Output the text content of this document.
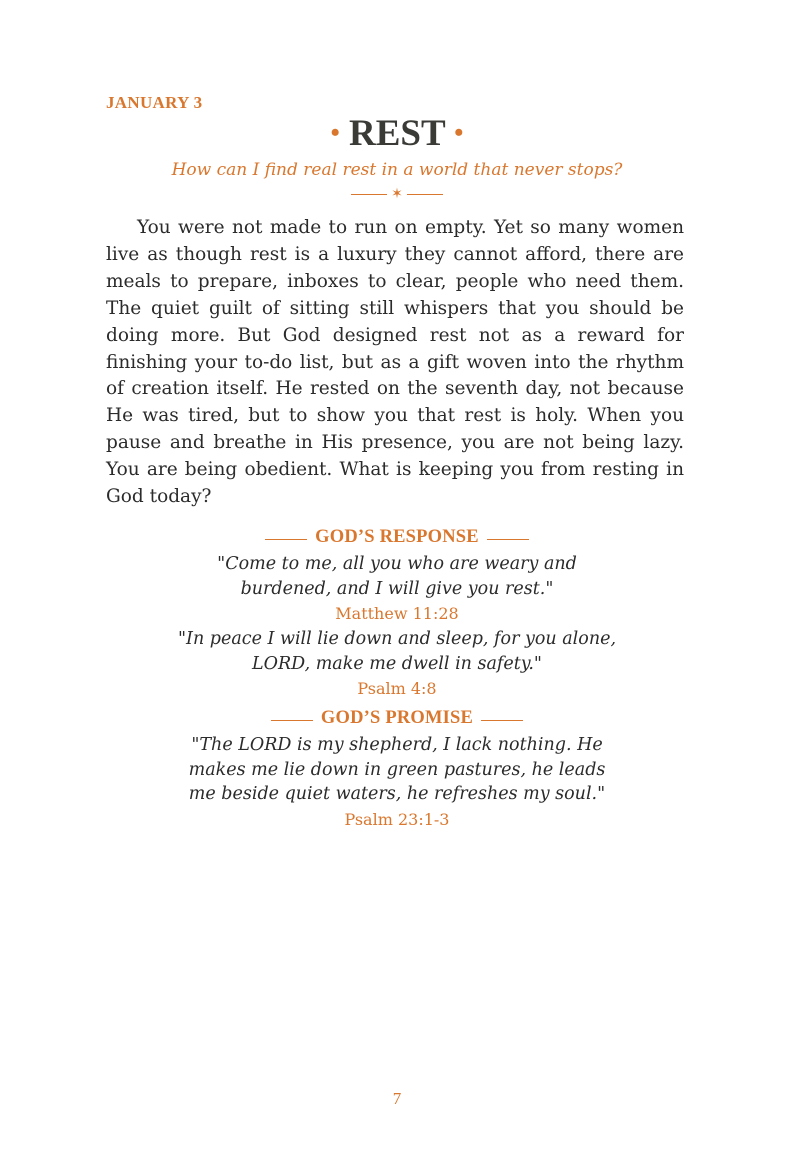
JANUARY 3
• REST •
How can I find real rest in a world that never stops?
✶
You were not made to run on empty. Yet so many women live as though rest is a luxury they cannot afford, there are meals to prepare, inboxes to clear, people who need them. The quiet guilt of sitting still whispers that you should be doing more. But God designed rest not as a reward for finishing your to-do list, but as a gift woven into the rhythm of creation itself. He rested on the seventh day, not because He was tired, but to show you that rest is holy. When you pause and breathe in His presence, you are not being lazy. You are being obedient. What is keeping you from resting in God today?
GOD’S RESPONSE
"Come to me, all you who are weary and
burdened, and I will give you rest."
Matthew 11:28
"In peace I will lie down and sleep, for you alone,
LORD, make me dwell in safety."
Psalm 4:8
GOD’S PROMISE
"The LORD is my shepherd, I lack nothing. He
makes me lie down in green pastures, he leads
me beside quiet waters, he refreshes my soul."
Psalm 23:1-3
7
